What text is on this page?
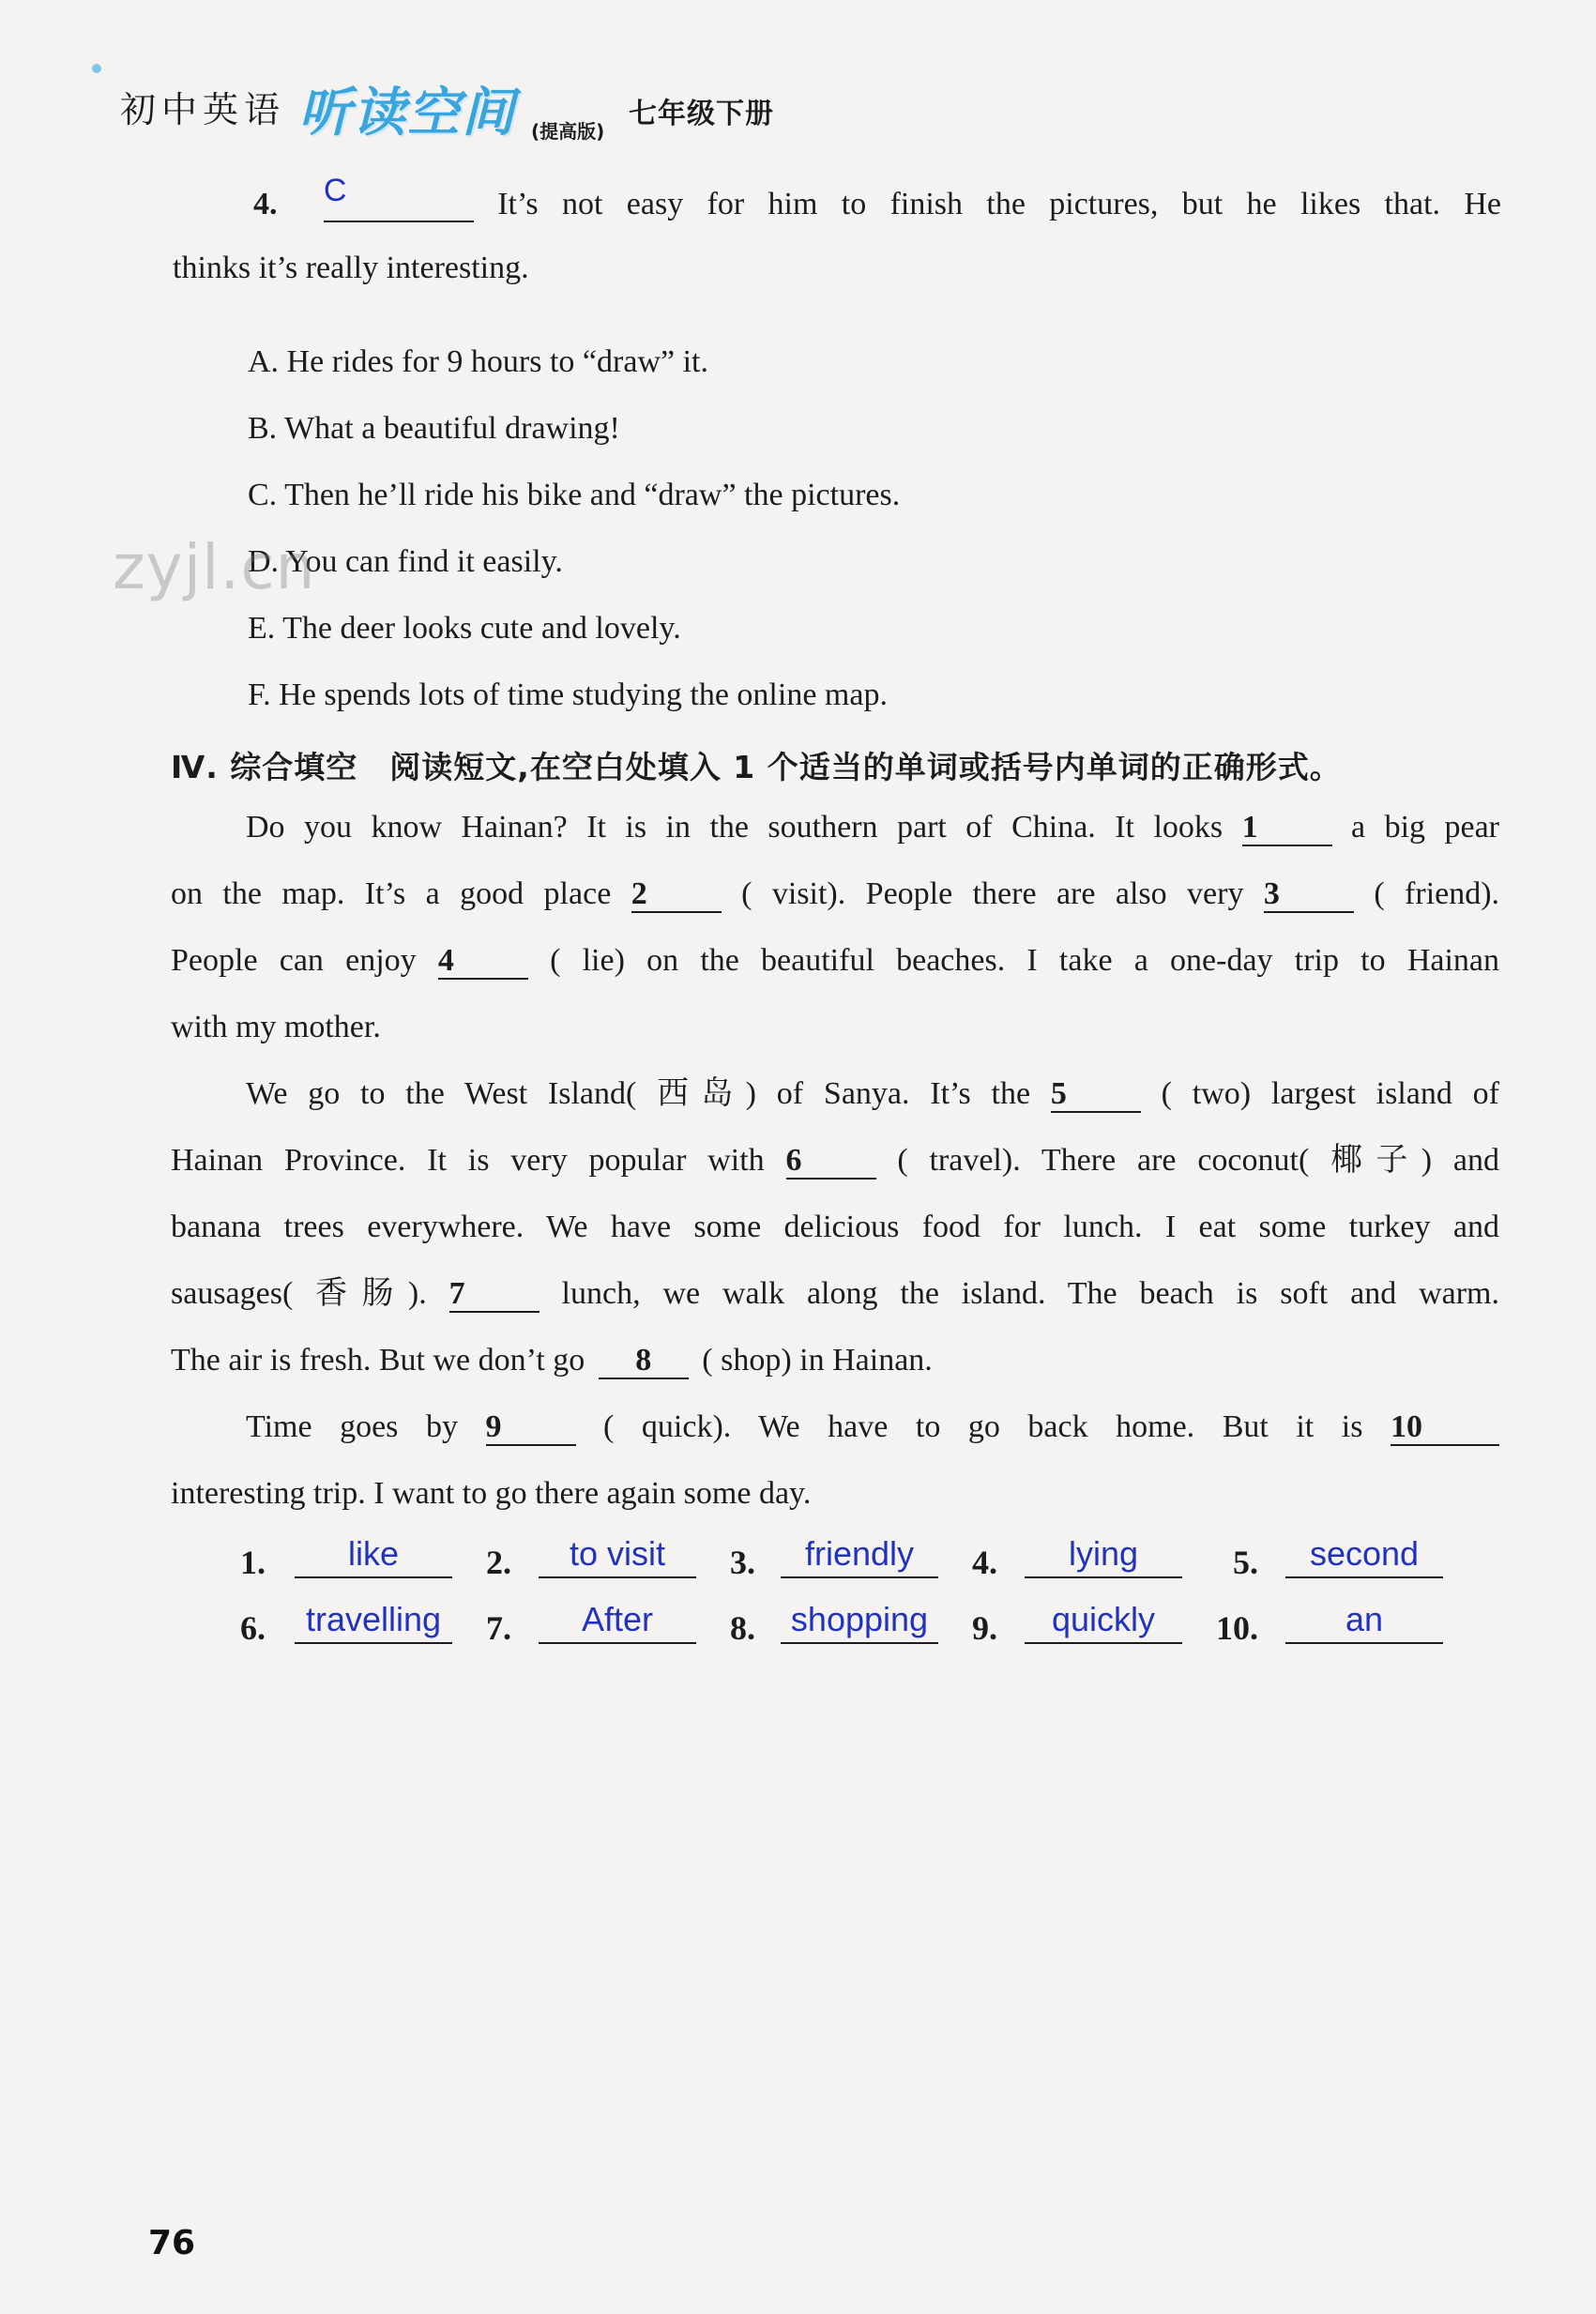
初中英语 听读空间 (提高版)
七年级下册
4. C	It’s not easy for him to finish the pictures, but he likes that. He
thinks it’s really interesting.
A. He rides for 9 hours to “draw” it.
B. What a beautiful drawing!
C. Then he’ll ride his bike and “draw” the pictures.
D. You can find it easily.
E. The deer looks cute and lovely.
F. He spends lots of time studying the online map.
zyjl.cn
Ⅳ. 综合填空　阅读短文,在空白处填入 1 个适当的单词或括号内单词的正确形式。
Do you know Hainan? It is in the southern part of China. It looks 1	a big pear
on the map. It’s a good place 2	( visit). People there are also very 3	( friend).
People can enjoy 4	( lie) on the beautiful beaches. I take a one-day trip to Hainan
with my mother.
We go to the West Island( 西岛) of Sanya. It’s the 5	( two) largest island of
Hainan Province. It is very popular with 6	( travel). There are coconut( 椰子) and
banana trees everywhere. We have some delicious food for lunch. I eat some turkey and
sausages( 香肠). 7	lunch, we walk along the island. The beach is soft and warm.
The air is fresh. But we don’t go 8 ( shop) in Hainan.
Time goes by 9	( quick). We have to go back home. But it is 10
interesting trip. I want to go there again some day.
1.	like	2.	to visit	3.	friendly	4.	lying	5.	second
6.	travelling	7.	After	8.	shopping	9.	quickly	10.	an
76
